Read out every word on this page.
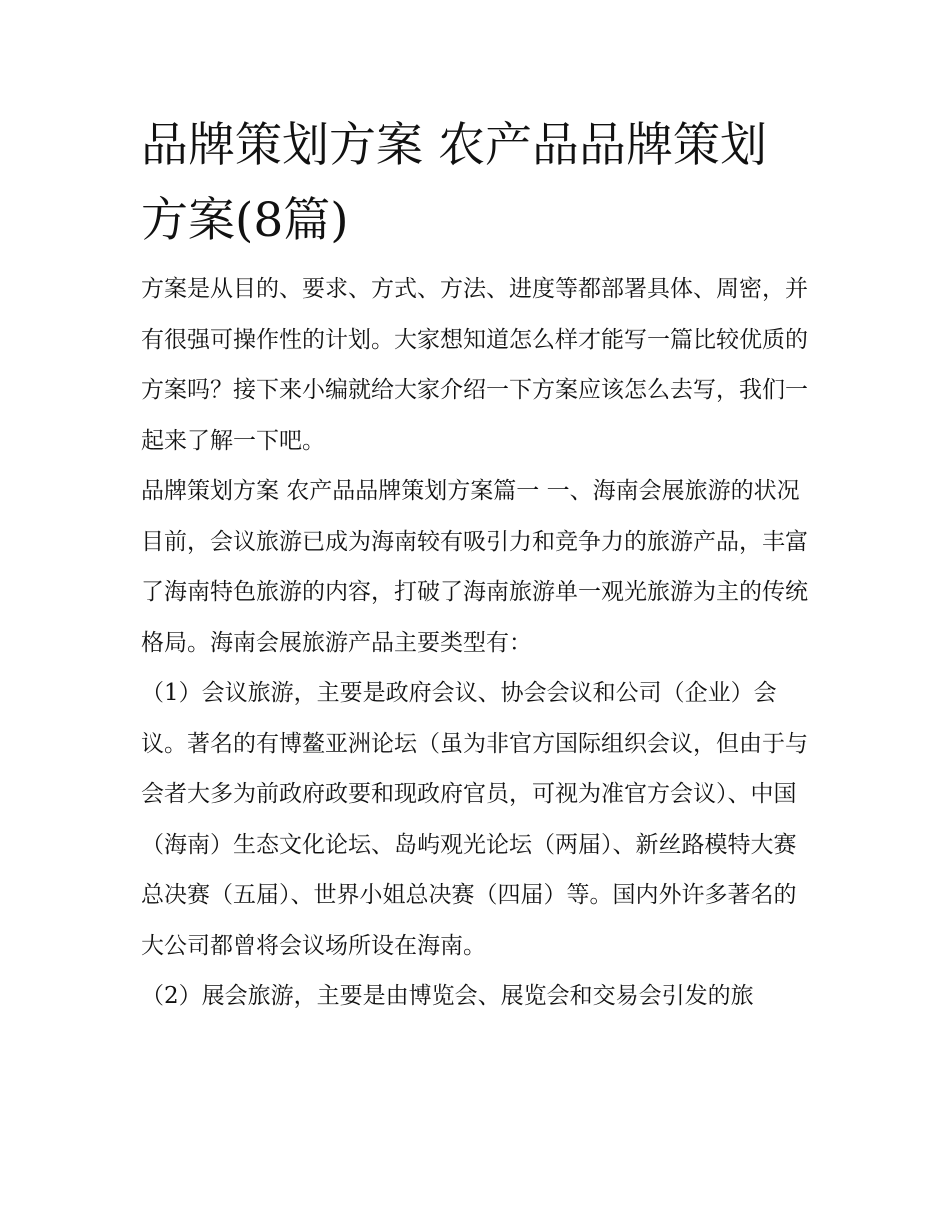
品牌策划方案 农产品品牌策划方案(8篇)

方案是从目的、要求、方式、方法、进度等都部署具体、周密，并有很强可操作性的计划。大家想知道怎么样才能写一篇比较优质的方案吗？接下来小编就给大家介绍一下方案应该怎么去写，我们一起来了解一下吧。

品牌策划方案 农产品品牌策划方案篇一 一、海南会展旅游的状况

目前，会议旅游已成为海南较有吸引力和竞争力的旅游产品，丰富了海南特色旅游的内容，打破了海南旅游单一观光旅游为主的传统格局。海南会展旅游产品主要类型有：

（1）会议旅游，主要是政府会议、协会会议和公司（企业）会议。著名的有博鳌亚洲论坛（虽为非官方国际组织会议，但由于与会者大多为前政府政要和现政府官员，可视为准官方会议）、中国（海南）生态文化论坛、岛屿观光论坛（两届）、新丝路模特大赛总决赛（五届）、世界小姐总决赛（四届）等。国内外许多著名的大公司都曾将会议场所设在海南。

（2）展会旅游，主要是由博览会、展览会和交易会引发的旅
